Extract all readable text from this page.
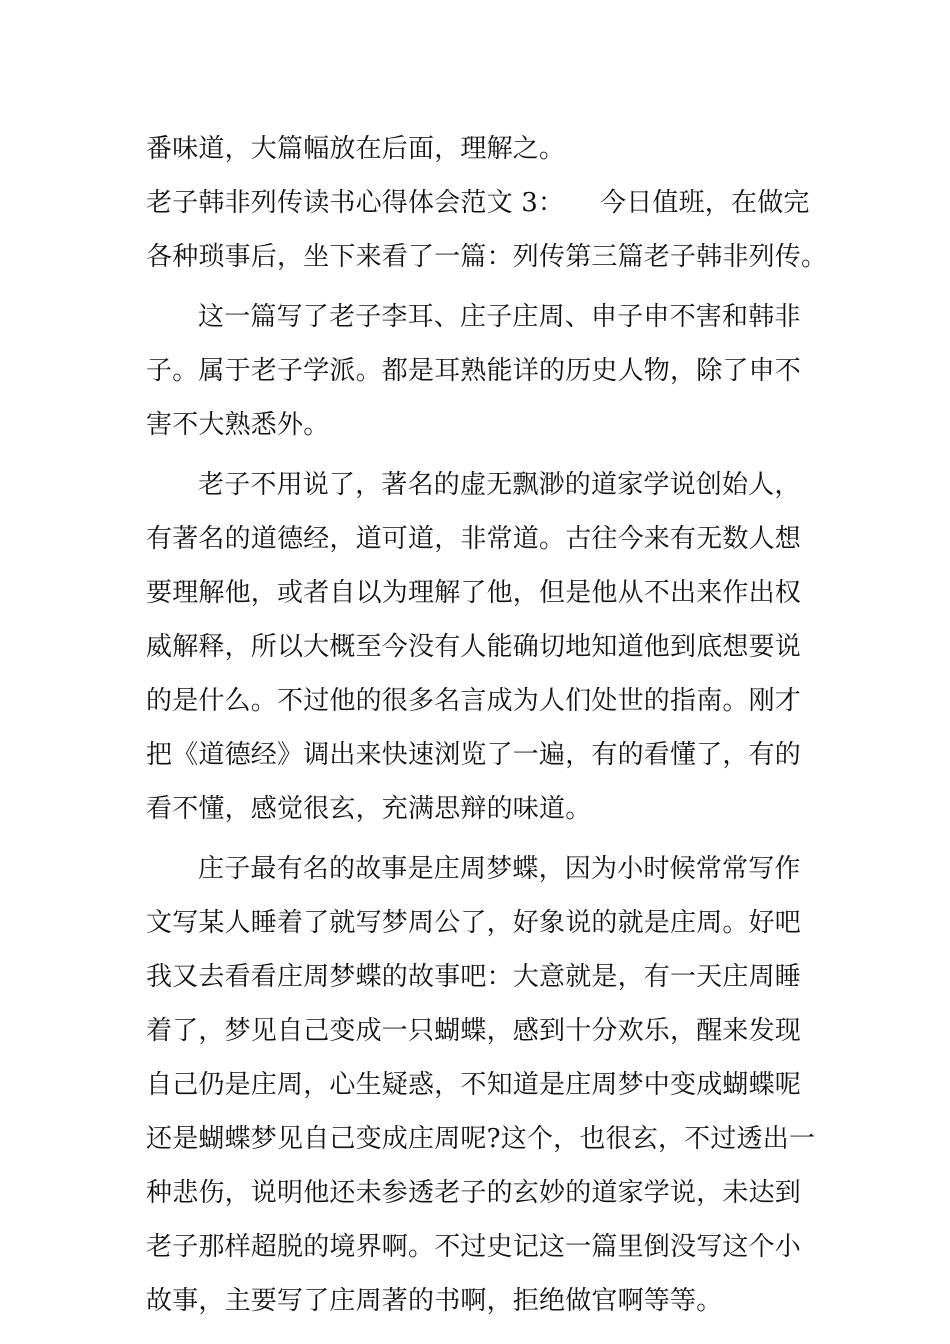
番味道，大篇幅放在后面，理解之。
老子韩非列传读书心得体会范文 3： 今日值班，在做完
各种琐事后，坐下来看了一篇：列传第三篇老子韩非列传。
这一篇写了老子李耳、庄子庄周、申子申不害和韩非
子。属于老子学派。都是耳熟能详的历史人物，除了申不
害不大熟悉外。
老子不用说了，著名的虚无飘渺的道家学说创始人，
有著名的道德经，道可道，非常道。古往今来有无数人想
要理解他，或者自以为理解了他，但是他从不出来作出权
威解释，所以大概至今没有人能确切地知道他到底想要说
的是什么。不过他的很多名言成为人们处世的指南。刚才
把《道德经》调出来快速浏览了一遍，有的看懂了，有的
看不懂，感觉很玄，充满思辩的味道。
庄子最有名的故事是庄周梦蝶，因为小时候常常写作
文写某人睡着了就写梦周公了，好象说的就是庄周。好吧
我又去看看庄周梦蝶的故事吧：大意就是，有一天庄周睡
着了，梦见自己变成一只蝴蝶，感到十分欢乐，醒来发现
自己仍是庄周，心生疑惑，不知道是庄周梦中变成蝴蝶呢
还是蝴蝶梦见自己变成庄周呢?这个，也很玄，不过透出一
种悲伤，说明他还未参透老子的玄妙的道家学说，未达到
老子那样超脱的境界啊。不过史记这一篇里倒没写这个小
故事，主要写了庄周著的书啊，拒绝做官啊等等。
